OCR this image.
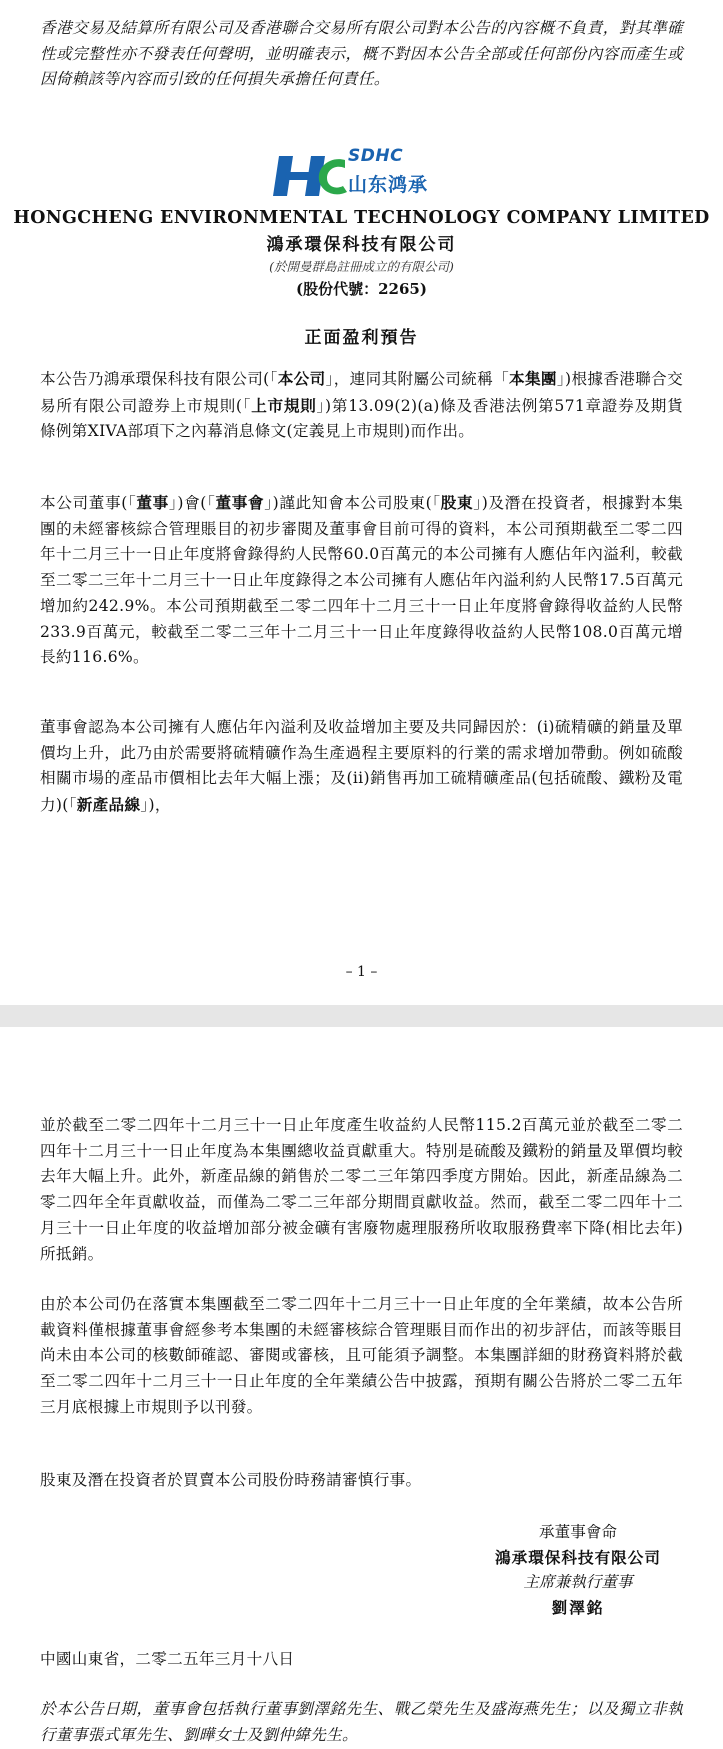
香港交易及結算所有限公司及香港聯合交易所有限公司對本公告的內容概不負責，對其準確性或完整性亦不發表任何聲明，並明確表示，概不對因本公告全部或任何部份內容而產生或因倚賴該等內容而引致的任何損失承擔任何責任。

SDHC
山东鸿承
HONGCHENG ENVIRONMENTAL TECHNOLOGY COMPANY LIMITED
鴻承環保科技有限公司
(於開曼群島註冊成立的有限公司)
(股份代號：2265)
正面盈利預告

本公告乃鴻承環保科技有限公司(「本公司」，連同其附屬公司統稱「本集團」)根據香港聯合交易所有限公司證券上市規則(「上市規則」)第13.09(2)(a)條及香港法例第571章證券及期貨條例第XIVA部項下之內幕消息條文(定義見上市規則)而作出。

本公司董事(「董事」)會(「董事會」)謹此知會本公司股東(「股東」)及潛在投資者，根據對本集團的未經審核綜合管理賬目的初步審閱及董事會目前可得的資料，本公司預期截至二零二四年十二月三十一日止年度將會錄得約人民幣60.0百萬元的本公司擁有人應佔年內溢利，較截至二零二三年十二月三十一日止年度錄得之本公司擁有人應佔年內溢利約人民幣17.5百萬元增加約242.9%。本公司預期截至二零二四年十二月三十一日止年度將會錄得收益約人民幣233.9百萬元，較截至二零二三年十二月三十一日止年度錄得收益約人民幣108.0百萬元增長約116.6%。

董事會認為本公司擁有人應佔年內溢利及收益增加主要及共同歸因於：(i)硫精礦的銷量及單價均上升，此乃由於需要將硫精礦作為生產過程主要原料的行業的需求增加帶動。例如硫酸相關市場的產品市價相比去年大幅上漲；及(ii)銷售再加工硫精礦產品(包括硫酸、鐵粉及電力)(「新產品線」)，

– 1 –

並於截至二零二四年十二月三十一日止年度產生收益約人民幣115.2百萬元並於截至二零二四年十二月三十一日止年度為本集團總收益貢獻重大。特別是硫酸及鐵粉的銷量及單價均較去年大幅上升。此外，新產品線的銷售於二零二三年第四季度方開始。因此，新產品線為二零二四年全年貢獻收益，而僅為二零二三年部分期間貢獻收益。然而，截至二零二四年十二月三十一日止年度的收益增加部分被金礦有害廢物處理服務所收取服務費率下降(相比去年)所抵銷。

由於本公司仍在落實本集團截至二零二四年十二月三十一日止年度的全年業績，故本公告所載資料僅根據董事會經參考本集團的未經審核綜合管理賬目而作出的初步評估，而該等賬目尚未由本公司的核數師確認、審閱或審核，且可能須予調整。本集團詳細的財務資料將於截至二零二四年十二月三十一日止年度的全年業績公告中披露，預期有關公告將於二零二五年三月底根據上市規則予以刊發。

股東及潛在投資者於買賣本公司股份時務請審慎行事。

承董事會命
鴻承環保科技有限公司
主席兼執行董事
劉澤銘

中國山東省，二零二五年三月十八日

於本公告日期，董事會包括執行董事劉澤銘先生、戰乙榮先生及盛海燕先生；以及獨立非執行董事張式軍先生、劉曄女士及劉仲緯先生。
